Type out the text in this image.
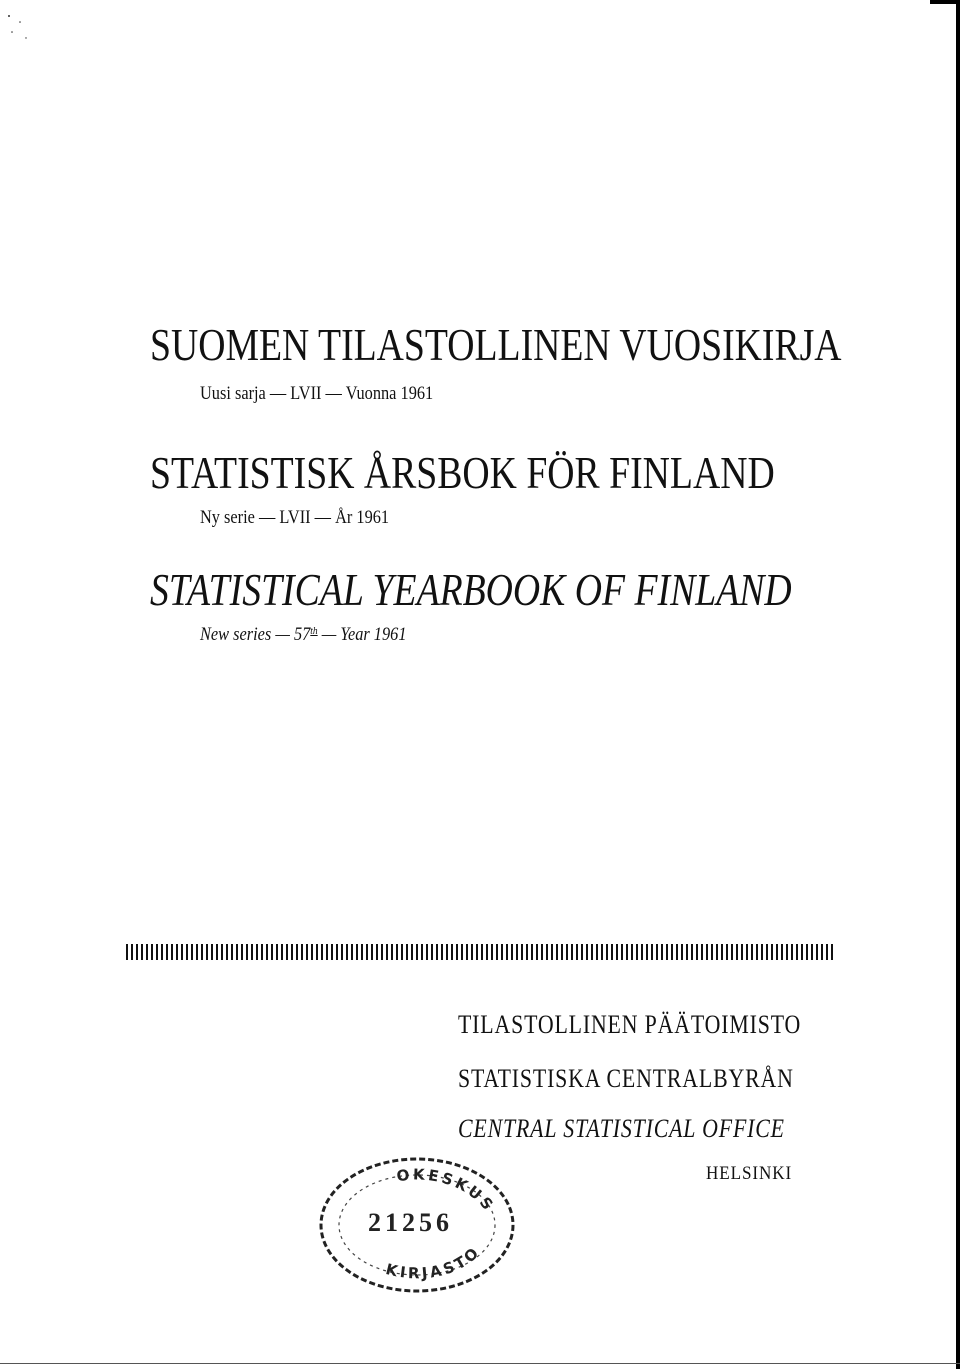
SUOMEN TILASTOLLINEN VUOSIKIRJA
Uusi sarja — LVII — Vuonna 1961
STATISTISK ÅRSBOK FÖR FINLAND
Ny serie — LVII — År 1961
STATISTICAL YEARBOOK OF FINLAND
New series — 57th — Year 1961
TILASTOLLINEN PÄÄTOIMISTO
STATISTISKA CENTRALBYRÅN
CENTRAL STATISTICAL OFFICE
HELSINKI
OKESKUS
KIRJASTO
21256
